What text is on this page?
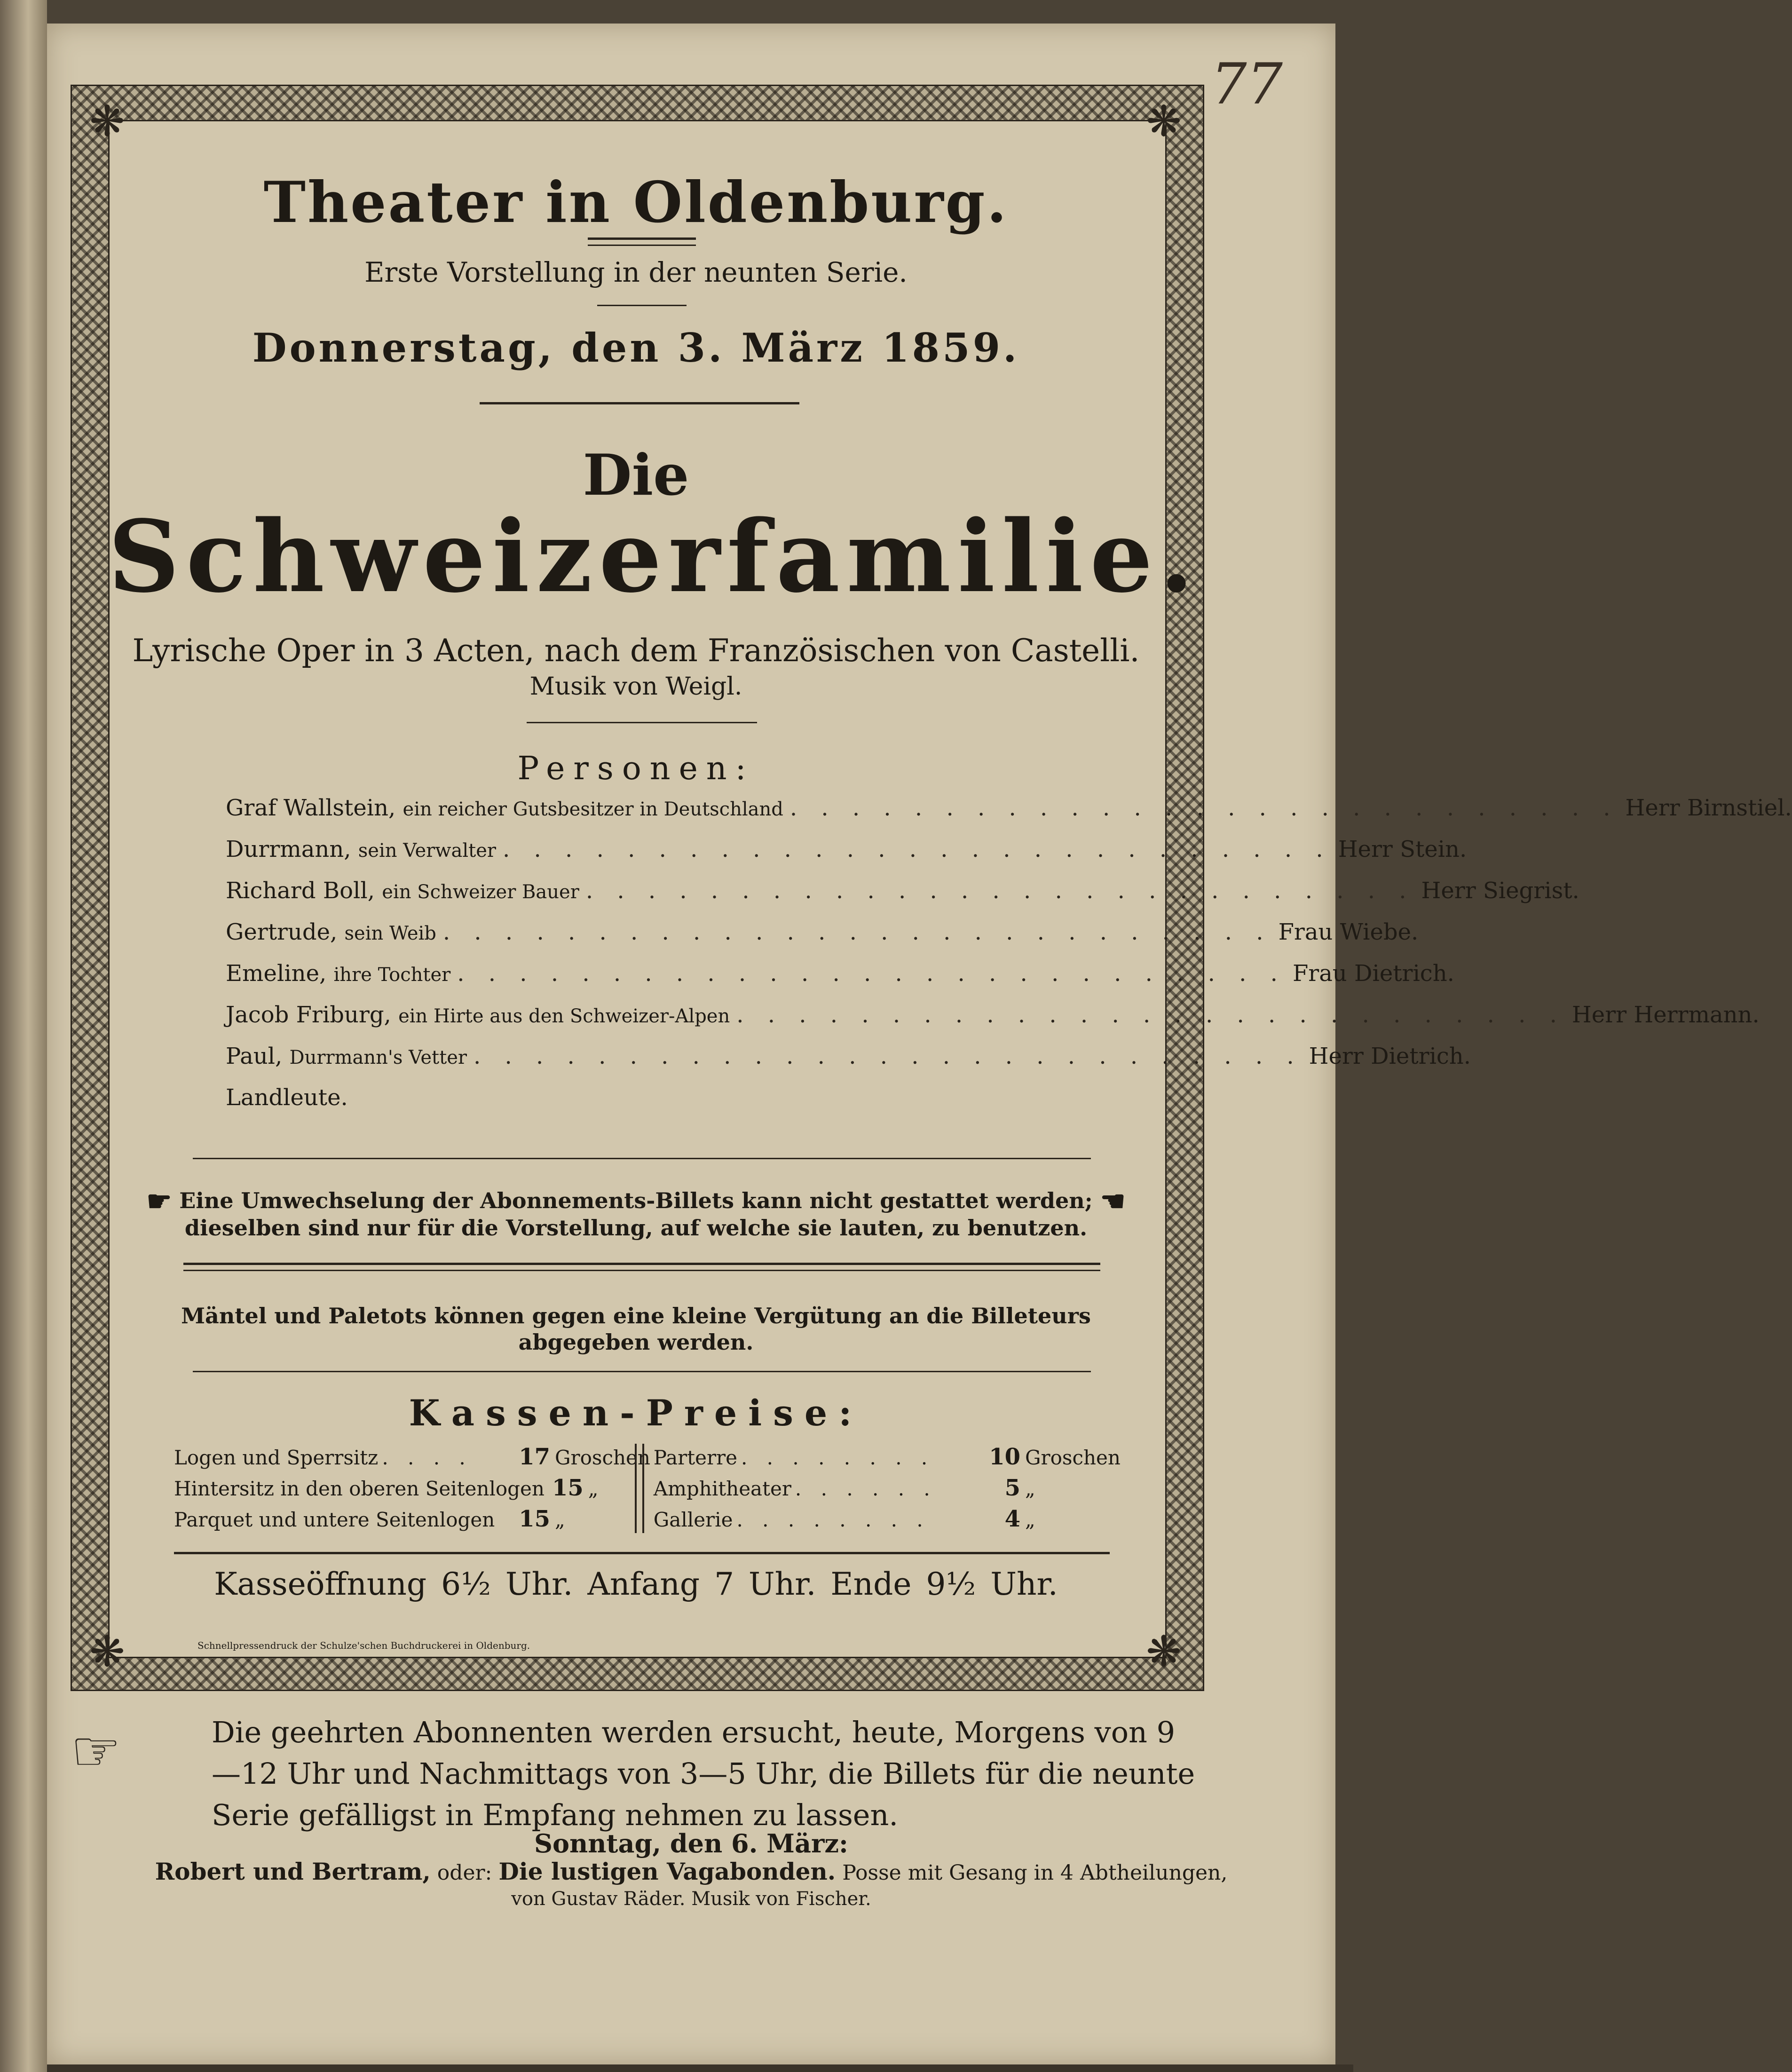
77
❋	❋
❋	❋
Theater in Oldenburg.
Erste Vorstellung in der neunten Serie.
Donnerstag, den 3. März 1859.
Die
Schweizerfamilie.
Lyrische Oper in 3 Acten, nach dem Französischen von Castelli.
Musik von Weigl.
Personen:
Graf Wallstein, ein reicher Gutsbesitzer in Deutschland . . . . . . . . . . . . . . . . . . . . . . . . . . . Herr Birnstiel.
Durrmann, sein Verwalter . . . . . . . . . . . . . . . . . . . . . . . . . . . Herr Stein.
Richard Boll, ein Schweizer Bauer . . . . . . . . . . . . . . . . . . . . . . . . . . . Herr Siegrist.
Gertrude, sein Weib . . . . . . . . . . . . . . . . . . . . . . . . . . . Frau Wiebe.
Emeline, ihre Tochter . . . . . . . . . . . . . . . . . . . . . . . . . . . Frau Dietrich.
Jacob Friburg, ein Hirte aus den Schweizer-Alpen . . . . . . . . . . . . . . . . . . . . . . . . . . . Herr Herrmann.
Paul, Durrmann's Vetter . . . . . . . . . . . . . . . . . . . . . . . . . . . Herr Dietrich.
Landleute.
☛ Eine Umwechselung der Abonnements-Billets kann nicht gestattet werden; ☚
dieselben sind nur für die Vorstellung, auf welche sie lauten, zu benutzen.
Mäntel und Paletots können gegen eine kleine Vergütung an die Billeteurs
abgegeben werden.
Kassen-Preise:
Logen und Sperrsitz . . . .	17 Groschen
Hintersitz in den oberen Seitenlogen 15 „
Parquet und untere Seitenlogen 15 „
Parterre . . . . . . . .	10 Groschen
Amphitheater . . . . . .	5 „
Gallerie . . . . . . . .	4 „
Kasseöffnung 6½ Uhr. Anfang 7 Uhr. Ende 9½ Uhr.
Schnellpressendruck der Schulze'schen Buchdruckerei in Oldenburg.
☞	Die geehrten Abonnenten werden ersucht, heute, Morgens von 9—12 Uhr und Nachmittags von 3—5 Uhr, die Billets für die neunte Serie gefälligst in Empfang nehmen zu lassen.
Sonntag, den 6. März:
Robert und Bertram, oder: Die lustigen Vagabonden. Posse mit Gesang in 4 Abtheilungen,
von Gustav Räder. Musik von Fischer.
